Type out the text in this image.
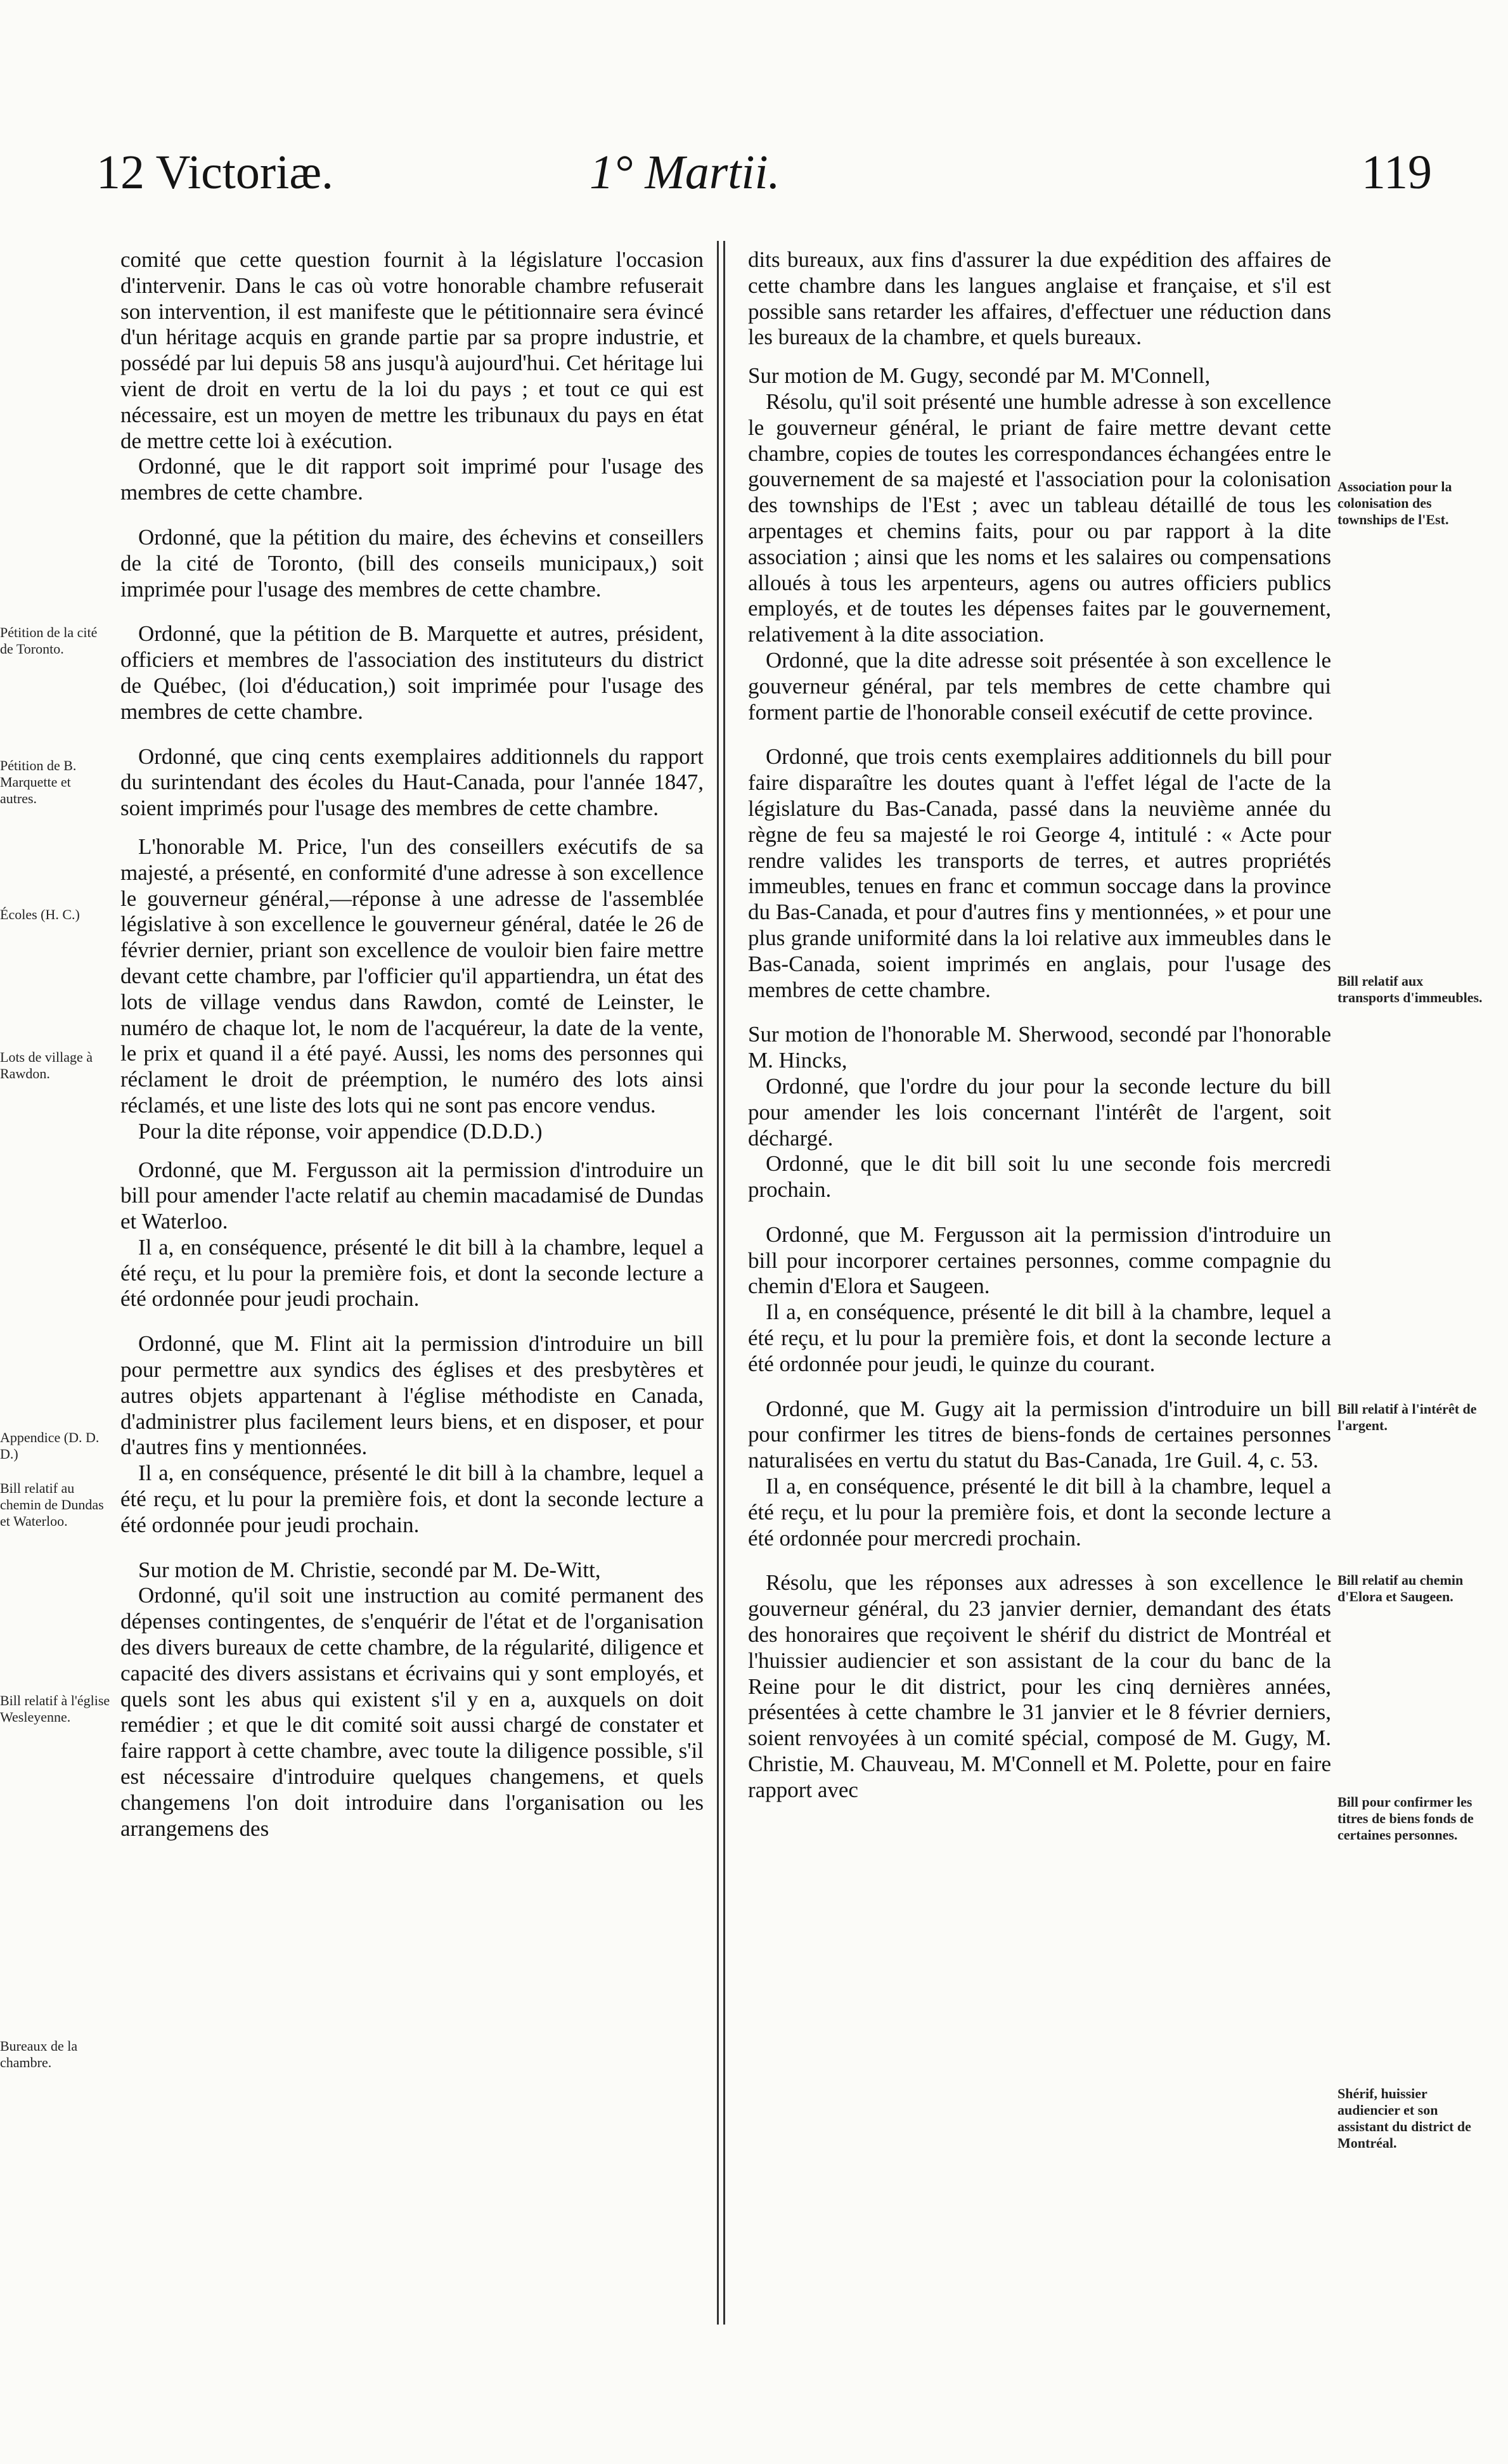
12 Victoriæ.	1° Martii.	119
Pétition de la cité de Toronto.
Pétition de B. Marquette et autres.
Écoles (H. C.)
Lots de village à Rawdon.
Appendice (D. D. D.)
Bill relatif au chemin de Dundas et Waterloo.
Bill relatif à l'église Wesleyenne.
Bureaux de la chambre.
Association pour la colonisation des townships de l'Est.
Bill relatif aux transports d'immeubles.
Bill relatif à l'intérêt de l'argent.
Bill relatif au chemin d'Elora et Saugeen.
Bill pour confirmer les titres de biens fonds de certaines personnes.
Shérif, huissier audiencier et son assistant du district de Montréal.

comité que cette question fournit à la législature l'occasion d'intervenir. Dans le cas où votre honorable chambre refuserait son intervention, il est manifeste que le pétitionnaire sera évincé d'un héritage acquis en grande partie par sa propre industrie, et possédé par lui depuis 58 ans jusqu'à aujourd'hui. Cet héritage lui vient de droit en vertu de la loi du pays ; et tout ce qui est nécessaire, est un moyen de mettre les tribunaux du pays en état de mettre cette loi à exécution.

Ordonné, que le dit rapport soit imprimé pour l'usage des membres de cette chambre.

Ordonné, que la pétition du maire, des échevins et conseillers de la cité de Toronto, (bill des conseils municipaux,) soit imprimée pour l'usage des membres de cette chambre.

Ordonné, que la pétition de B. Marquette et autres, président, officiers et membres de l'association des instituteurs du district de Québec, (loi d'éducation,) soit imprimée pour l'usage des membres de cette chambre.

Ordonné, que cinq cents exemplaires additionnels du rapport du surintendant des écoles du Haut-Canada, pour l'année 1847, soient imprimés pour l'usage des membres de cette chambre.

L'honorable M. Price, l'un des conseillers exécutifs de sa majesté, a présenté, en conformité d'une adresse à son excellence le gouverneur général,—réponse à une adresse de l'assemblée législative à son excellence le gouverneur général, datée le 26 de février dernier, priant son excellence de vouloir bien faire mettre devant cette chambre, par l'officier qu'il appartiendra, un état des lots de village vendus dans Rawdon, comté de Leinster, le numéro de chaque lot, le nom de l'acquéreur, la date de la vente, le prix et quand il a été payé. Aussi, les noms des personnes qui réclament le droit de préemption, le numéro des lots ainsi réclamés, et une liste des lots qui ne sont pas encore vendus.

Pour la dite réponse, voir appendice (D.D.D.)

Ordonné, que M. Fergusson ait la permission d'introduire un bill pour amender l'acte relatif au chemin macadamisé de Dundas et Waterloo.

Il a, en conséquence, présenté le dit bill à la chambre, lequel a été reçu, et lu pour la première fois, et dont la seconde lecture a été ordonnée pour jeudi prochain.

Ordonné, que M. Flint ait la permission d'introduire un bill pour permettre aux syndics des églises et des presbytères et autres objets appartenant à l'église méthodiste en Canada, d'administrer plus facilement leurs biens, et en disposer, et pour d'autres fins y mentionnées.

Il a, en conséquence, présenté le dit bill à la chambre, lequel a été reçu, et lu pour la première fois, et dont la seconde lecture a été ordonnée pour jeudi prochain.

Sur motion de M. Christie, secondé par M. De-Witt,

Ordonné, qu'il soit une instruction au comité permanent des dépenses contingentes, de s'enquérir de l'état et de l'organisation des divers bureaux de cette chambre, de la régularité, diligence et capacité des divers assistans et écrivains qui y sont employés, et quels sont les abus qui existent s'il y en a, auxquels on doit remédier ; et que le dit comité soit aussi chargé de constater et faire rapport à cette chambre, avec toute la diligence possible, s'il est nécessaire d'introduire quelques changemens, et quels changemens l'on doit introduire dans l'organisation ou les arrangemens des

dits bureaux, aux fins d'assurer la due expédition des affaires de cette chambre dans les langues anglaise et française, et s'il est possible sans retarder les affaires, d'effectuer une réduction dans les bureaux de la chambre, et quels bureaux.

Sur motion de M. Gugy, secondé par M. M'Connell,

Résolu, qu'il soit présenté une humble adresse à son excellence le gouverneur général, le priant de faire mettre devant cette chambre, copies de toutes les correspondances échangées entre le gouvernement de sa majesté et l'association pour la colonisation des townships de l'Est ; avec un tableau détaillé de tous les arpentages et chemins faits, pour ou par rapport à la dite association ; ainsi que les noms et les salaires ou compensations alloués à tous les arpenteurs, agens ou autres officiers publics employés, et de toutes les dépenses faites par le gouvernement, relativement à la dite association.

Ordonné, que la dite adresse soit présentée à son excellence le gouverneur général, par tels membres de cette chambre qui forment partie de l'honorable conseil exécutif de cette province.

Ordonné, que trois cents exemplaires additionnels du bill pour faire disparaître les doutes quant à l'effet légal de l'acte de la législature du Bas-Canada, passé dans la neuvième année du règne de feu sa majesté le roi George 4, intitulé : « Acte pour rendre valides les transports de terres, et autres propriétés immeubles, tenues en franc et commun soccage dans la province du Bas-Canada, et pour d'autres fins y mentionnées, » et pour une plus grande uniformité dans la loi relative aux immeubles dans le Bas-Canada, soient imprimés en anglais, pour l'usage des membres de cette chambre.

Sur motion de l'honorable M. Sherwood, secondé par l'honorable M. Hincks,

Ordonné, que l'ordre du jour pour la seconde lecture du bill pour amender les lois concernant l'intérêt de l'argent, soit déchargé.

Ordonné, que le dit bill soit lu une seconde fois mercredi prochain.

Ordonné, que M. Fergusson ait la permission d'introduire un bill pour incorporer certaines personnes, comme compagnie du chemin d'Elora et Saugeen.

Il a, en conséquence, présenté le dit bill à la chambre, lequel a été reçu, et lu pour la première fois, et dont la seconde lecture a été ordonnée pour jeudi, le quinze du courant.

Ordonné, que M. Gugy ait la permission d'introduire un bill pour confirmer les titres de biens-fonds de certaines personnes naturalisées en vertu du statut du Bas-Canada, 1re Guil. 4, c. 53.

Il a, en conséquence, présenté le dit bill à la chambre, lequel a été reçu, et lu pour la première fois, et dont la seconde lecture a été ordonnée pour mercredi prochain.

Résolu, que les réponses aux adresses à son excellence le gouverneur général, du 23 janvier dernier, demandant des états des honoraires que reçoivent le shérif du district de Montréal et l'huissier audiencier et son assistant de la cour du banc de la Reine pour le dit district, pour les cinq dernières années, présentées à cette chambre le 31 janvier et le 8 février derniers, soient renvoyées à un comité spécial, composé de M. Gugy, M. Christie, M. Chauveau, M. M'Connell et M. Polette, pour en faire rapport avec
